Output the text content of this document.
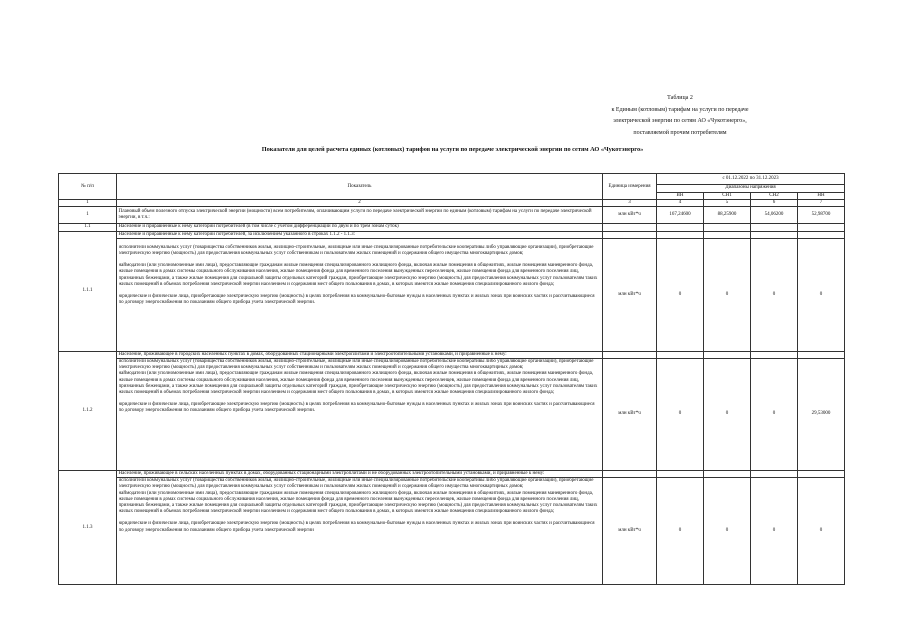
Таблица 2
к Единым (котловым) тарифам на услуги по передаче
электрической энергии по сетям АО «Чукотэнерго»,
поставляемой прочим потребителям
Показатели для целей расчета единых (котловых) тарифов на услуги по передаче электрической энергии по сетям АО «Чукотэнерго»
№ п/п	Показатель	Единица измерения	с 01.12.2022 по 31.12.2023			
			Диапазоны напряжения			
			ВН	СН1	СН2	НН
1	2	3	4	5	6	7
1	Плановый объем полезного отпуска электрической энергии (мощности) всем потребителям, оплачивающим услуги по передаче электрической энергии по единым (котловым) тарифам на услуги по передаче электрической энергии, в т.ч.:	млн кВт*ч	167,24600	88,25900	54,06200	52,98700
1.1	Население и приравненные к нему категории потребителей (в том числе с учетом дифференциации по двум и по трем зонам суток)					
1.1.1	Население и приравненные к нему категории потребителей, за исключением указанного в строках 1.1.2 - 1.1.3:					

	исполнители коммунальных услуг (товарищества собственников жилья, жилищно-строительные, жилищные или иные специализированные потребительские кооперативы либо управляющие организации), приобретающие электрическую энергию (мощность) для предоставления коммунальных услуг собственникам и пользователям жилых помещений и содержания общего имущества многоквартирных домов;

наймодатели (или уполномоченные ими лица), предоставляющие гражданам жилые помещения специализированного жилищного фонда, включая жилые помещения в общежитиях, жилые помещения маневренного фонда, жилые помещения в домах системы социального обслуживания населения, жилые помещения фонда для временного поселения вынужденных переселенцев, жилые помещения фонда для временного поселения лиц, признанных беженцами, а также жилые помещения для социальной защиты отдельных категорий граждан, приобретающие электрическую энергию (мощность) для предоставления коммунальных услуг пользователям таких жилых помещений в объемах потребления электрической энергии населением и содержания мест общего пользования в домах, в которых имеются жилые помещения специализированного жилого фонда;

юридические и физические лица, приобретающие электрическую энергию (мощность) в целях потребления на коммунально-бытовые нужды в населенных пунктах и жилых зонах при воинских частях и рассчитывающиеся по договору энергоснабжения по показаниям общего прибора учета электрической энергии.	млн кВт*ч	0	0	0	0
1.1.2	Население, проживающее в городских населенных пунктах в домах, оборудованных стационарными электроплитами и электроотопительными установками, и приравненные к нему:					

	исполнители коммунальных услуг (товарищества собственников жилья, жилищно-строительные, жилищные или иные специализированные потребительские кооперативы либо управляющие организации), приобретающие электрическую энергию (мощность) для предоставления коммунальных услуг собственникам и пользователям жилых помещений и содержания общего имущества многоквартирных домов;

наймодатели (или уполномоченные ими лица), предоставляющие гражданам жилые помещения специализированного жилищного фонда, включая жилые помещения в общежитиях, жилые помещения маневренного фонда, жилые помещения в домах системы социального обслуживания населения, жилые помещения фонда для временного поселения вынужденных переселенцев, жилые помещения фонда для временного поселения лиц, признанных беженцами, а также жилые помещения для социальной защиты отдельных категорий граждан, приобретающие электрическую энергию (мощность) для предоставления коммунальных услуг пользователям таких жилых помещений в объемах потребления электрической энергии населением и содержания мест общего пользования в домах, в которых имеются жилые помещения специализированного жилого фонда;

юридические и физические лица, приобретающие электрическую энергию (мощность) в целях потребления на коммунально-бытовые нужды в населенных пунктах и жилых зонах при воинских частях и рассчитывающиеся по договору энергоснабжения по показаниям общего прибора учета электрической энергии.	млн кВт*ч	0	0	0	29,53000
1.1.3	Население, проживающее в сельских населенных пунктах в домах, оборудованных стационарными электроплитами и не оборудованных электроотопительными установками, и приравненные к нему:					

	исполнители коммунальных услуг (товарищества собственников жилья, жилищно-строительные, жилищные или иные специализированные потребительские кооперативы либо управляющие организации), приобретающие электрическую энергию (мощность) для предоставления коммунальных услуг собственникам и пользователям жилых помещений и содержания общего имущества многоквартирных домов;

наймодатели (или уполномоченные ими лица), предоставляющие гражданам жилые помещения специализированного жилищного фонда, включая жилые помещения в общежитиях, жилые помещения маневренного фонда, жилые помещения в домах системы социального обслуживания населения, жилые помещения фонда для временного поселения вынужденных переселенцев, жилые помещения фонда для временного поселения лиц, признанных беженцами, а также жилые помещения для социальной защиты отдельных категорий граждан, приобретающие электрическую энергию (мощность) для предоставления коммунальных услуг пользователям таких жилых помещений в объемах потребления электрической энергии населением и содержания мест общего пользования в домах, в которых имеются жилые помещения специализированного жилого фонда;

юридические и физические лица, приобретающие электрическую энергию (мощность) в целях потребления на коммунально-бытовые нужды в населенных пунктах и жилых зонах при воинских частях и рассчитывающиеся по договору энергоснабжения по показаниям общего прибора учета электрической энергии	млн кВт*ч	0	0	0	0
